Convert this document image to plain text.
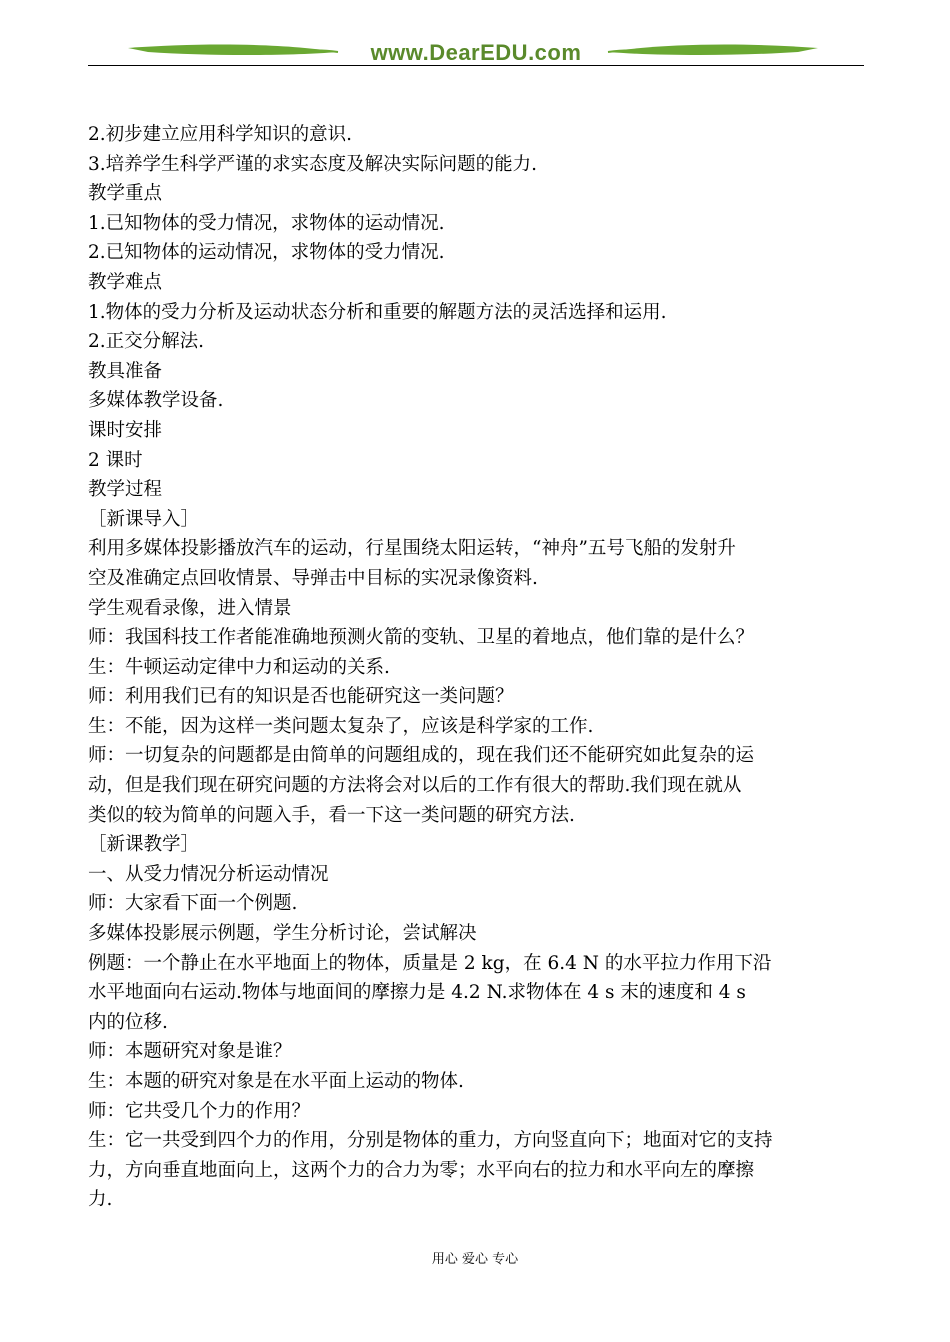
www.DearEDU.com

2.初步建立应用科学知识的意识.

3.培养学生科学严谨的求实态度及解决实际问题的能力.

教学重点

1.已知物体的受力情况，求物体的运动情况.

2.已知物体的运动情况，求物体的受力情况.

教学难点

1.物体的受力分析及运动状态分析和重要的解题方法的灵活选择和运用.

2.正交分解法.

教具准备

多媒体教学设备.

课时安排

2 课时

教学过程

［新课导入］

利用多媒体投影播放汽车的运动，行星围绕太阳运转，“神舟”五号飞船的发射升

空及准确定点回收情景、导弹击中目标的实况录像资料.

学生观看录像，进入情景

师：我国科技工作者能准确地预测火箭的变轨、卫星的着地点，他们靠的是什么？

生：牛顿运动定律中力和运动的关系.

师：利用我们已有的知识是否也能研究这一类问题？

生：不能，因为这样一类问题太复杂了，应该是科学家的工作.

师：一切复杂的问题都是由简单的问题组成的，现在我们还不能研究如此复杂的运

动，但是我们现在研究问题的方法将会对以后的工作有很大的帮助.我们现在就从

类似的较为简单的问题入手，看一下这一类问题的研究方法.

［新课教学］

一、从受力情况分析运动情况

师：大家看下面一个例题.

多媒体投影展示例题，学生分析讨论，尝试解决

例题：一个静止在水平地面上的物体，质量是 2 kg，在 6.4 N 的水平拉力作用下沿

水平地面向右运动.物体与地面间的摩擦力是 4.2 N.求物体在 4 s 末的速度和 4 s

内的位移.

师：本题研究对象是谁？

生：本题的研究对象是在水平面上运动的物体.

师：它共受几个力的作用？

生：它一共受到四个力的作用，分别是物体的重力，方向竖直向下；地面对它的支持

力，方向垂直地面向上，这两个力的合力为零；水平向右的拉力和水平向左的摩擦

力.

用心 爱心 专心
